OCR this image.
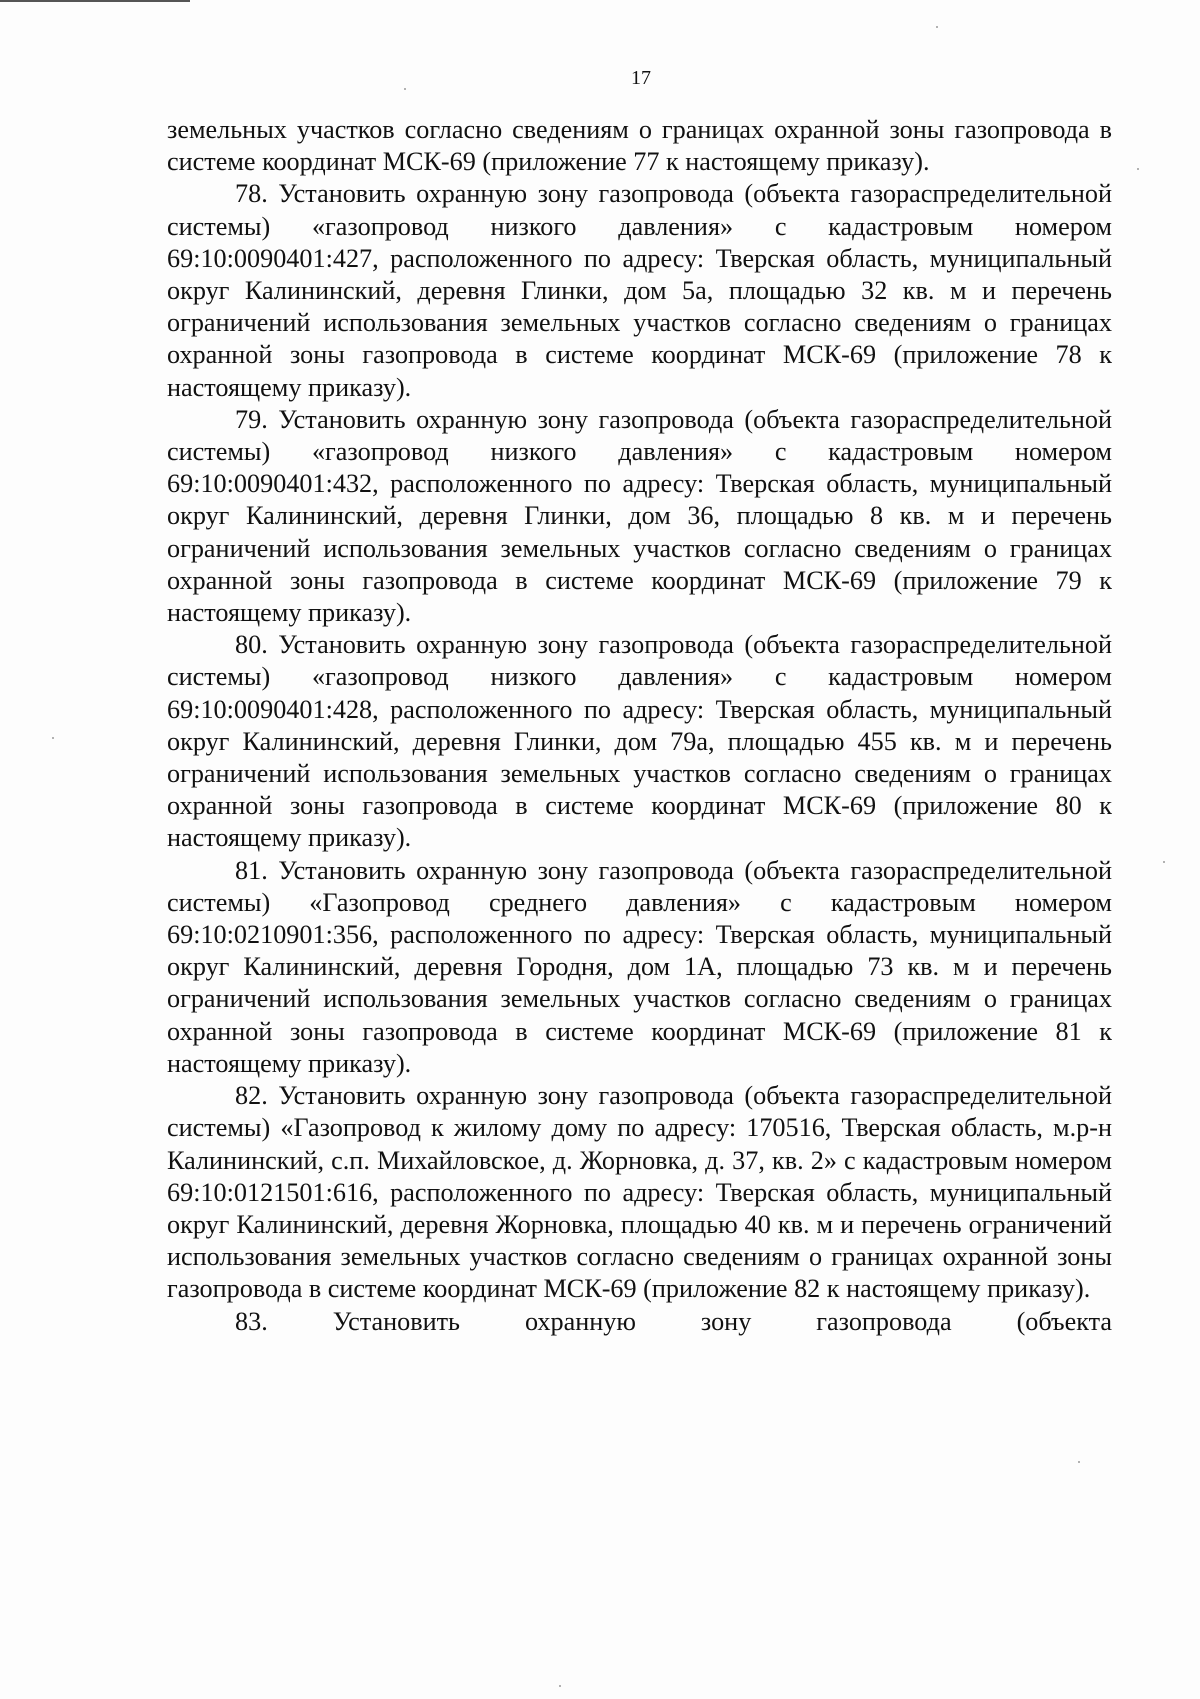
17

земельных участков согласно сведениям о границах охранной зоны газопровода в системе координат МСК-69 (приложение 77 к настоящему приказу).

78. Установить охранную зону газопровода (объекта газораспределительной системы) «газопровод низкого давления» с кадастровым номером 69:10:0090401:427, расположенного по адресу: Тверская область, муниципальный округ Калининский, деревня Глинки, дом 5а, площадью 32 кв. м и перечень ограничений использования земельных участков согласно сведениям о границах охранной зоны газопровода в системе координат МСК-69 (приложение 78 к настоящему приказу).

79. Установить охранную зону газопровода (объекта газораспределительной системы) «газопровод низкого давления» с кадастровым номером 69:10:0090401:432, расположенного по адресу: Тверская область, муниципальный округ Калининский, деревня Глинки, дом 36, площадью 8 кв. м и перечень ограничений использования земельных участков согласно сведениям о границах охранной зоны газопровода в системе координат МСК-69 (приложение 79 к настоящему приказу).

80. Установить охранную зону газопровода (объекта газораспределительной системы) «газопровод низкого давления» с кадастровым номером 69:10:0090401:428, расположенного по адресу: Тверская область, муниципальный округ Калининский, деревня Глинки, дом 79а, площадью 455 кв. м и перечень ограничений использования земельных участков согласно сведениям о границах охранной зоны газопровода в системе координат МСК-69 (приложение 80 к настоящему приказу).

81. Установить охранную зону газопровода (объекта газораспределительной системы) «Газопровод среднего давления» с кадастровым номером 69:10:0210901:356, расположенного по адресу: Тверская область, муниципальный округ Калининский, деревня Городня, дом 1А, площадью 73 кв. м и перечень ограничений использования земельных участков согласно сведениям о границах охранной зоны газопровода в системе координат МСК-69 (приложение 81 к настоящему приказу).

82. Установить охранную зону газопровода (объекта газораспределительной системы) «Газопровод к жилому дому по адресу: 170516, Тверская область, м.р-н Калининский, с.п. Михайловское, д. Жорновка, д. 37, кв. 2» с кадастровым номером 69:10:0121501:616, расположенного по адресу: Тверская область, муниципальный округ Калининский, деревня Жорновка, площадью 40 кв. м и перечень ограничений использования земельных участков согласно сведениям о границах охранной зоны газопровода в системе координат МСК-69 (приложение 82 к настоящему приказу).

83. Установить охранную зону газопровода (объекта
